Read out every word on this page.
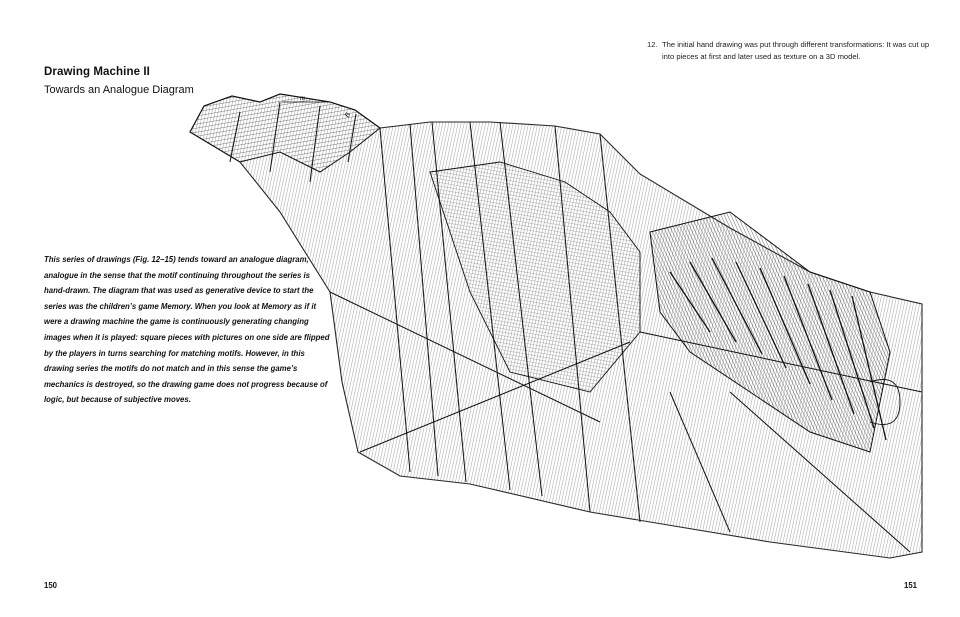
Drawing Machine II
Towards an Analogue Diagram
This series of drawings (Fig. 12–15) tends toward an analogue diagram, analogue in the sense that the motif continuing throughout the series is hand-drawn. The diagram that was used as generative device to start the series was the children’s game Memory. When you look at Memory as if it were a drawing machine the game is continuously generating changing images when it is played: square pieces with pictures on one side are flipped by the players in turns searching for matching motifs. However, in this drawing series the motifs do not match and in this sense the game’s mechanics is destroyed, so the drawing game does not progress because of logic, but because of subjective moves.
150
12. The initial hand drawing was put through different transformations: It was cut up
into pieces at first and later used as texture on a 3D model.
151
m
B
